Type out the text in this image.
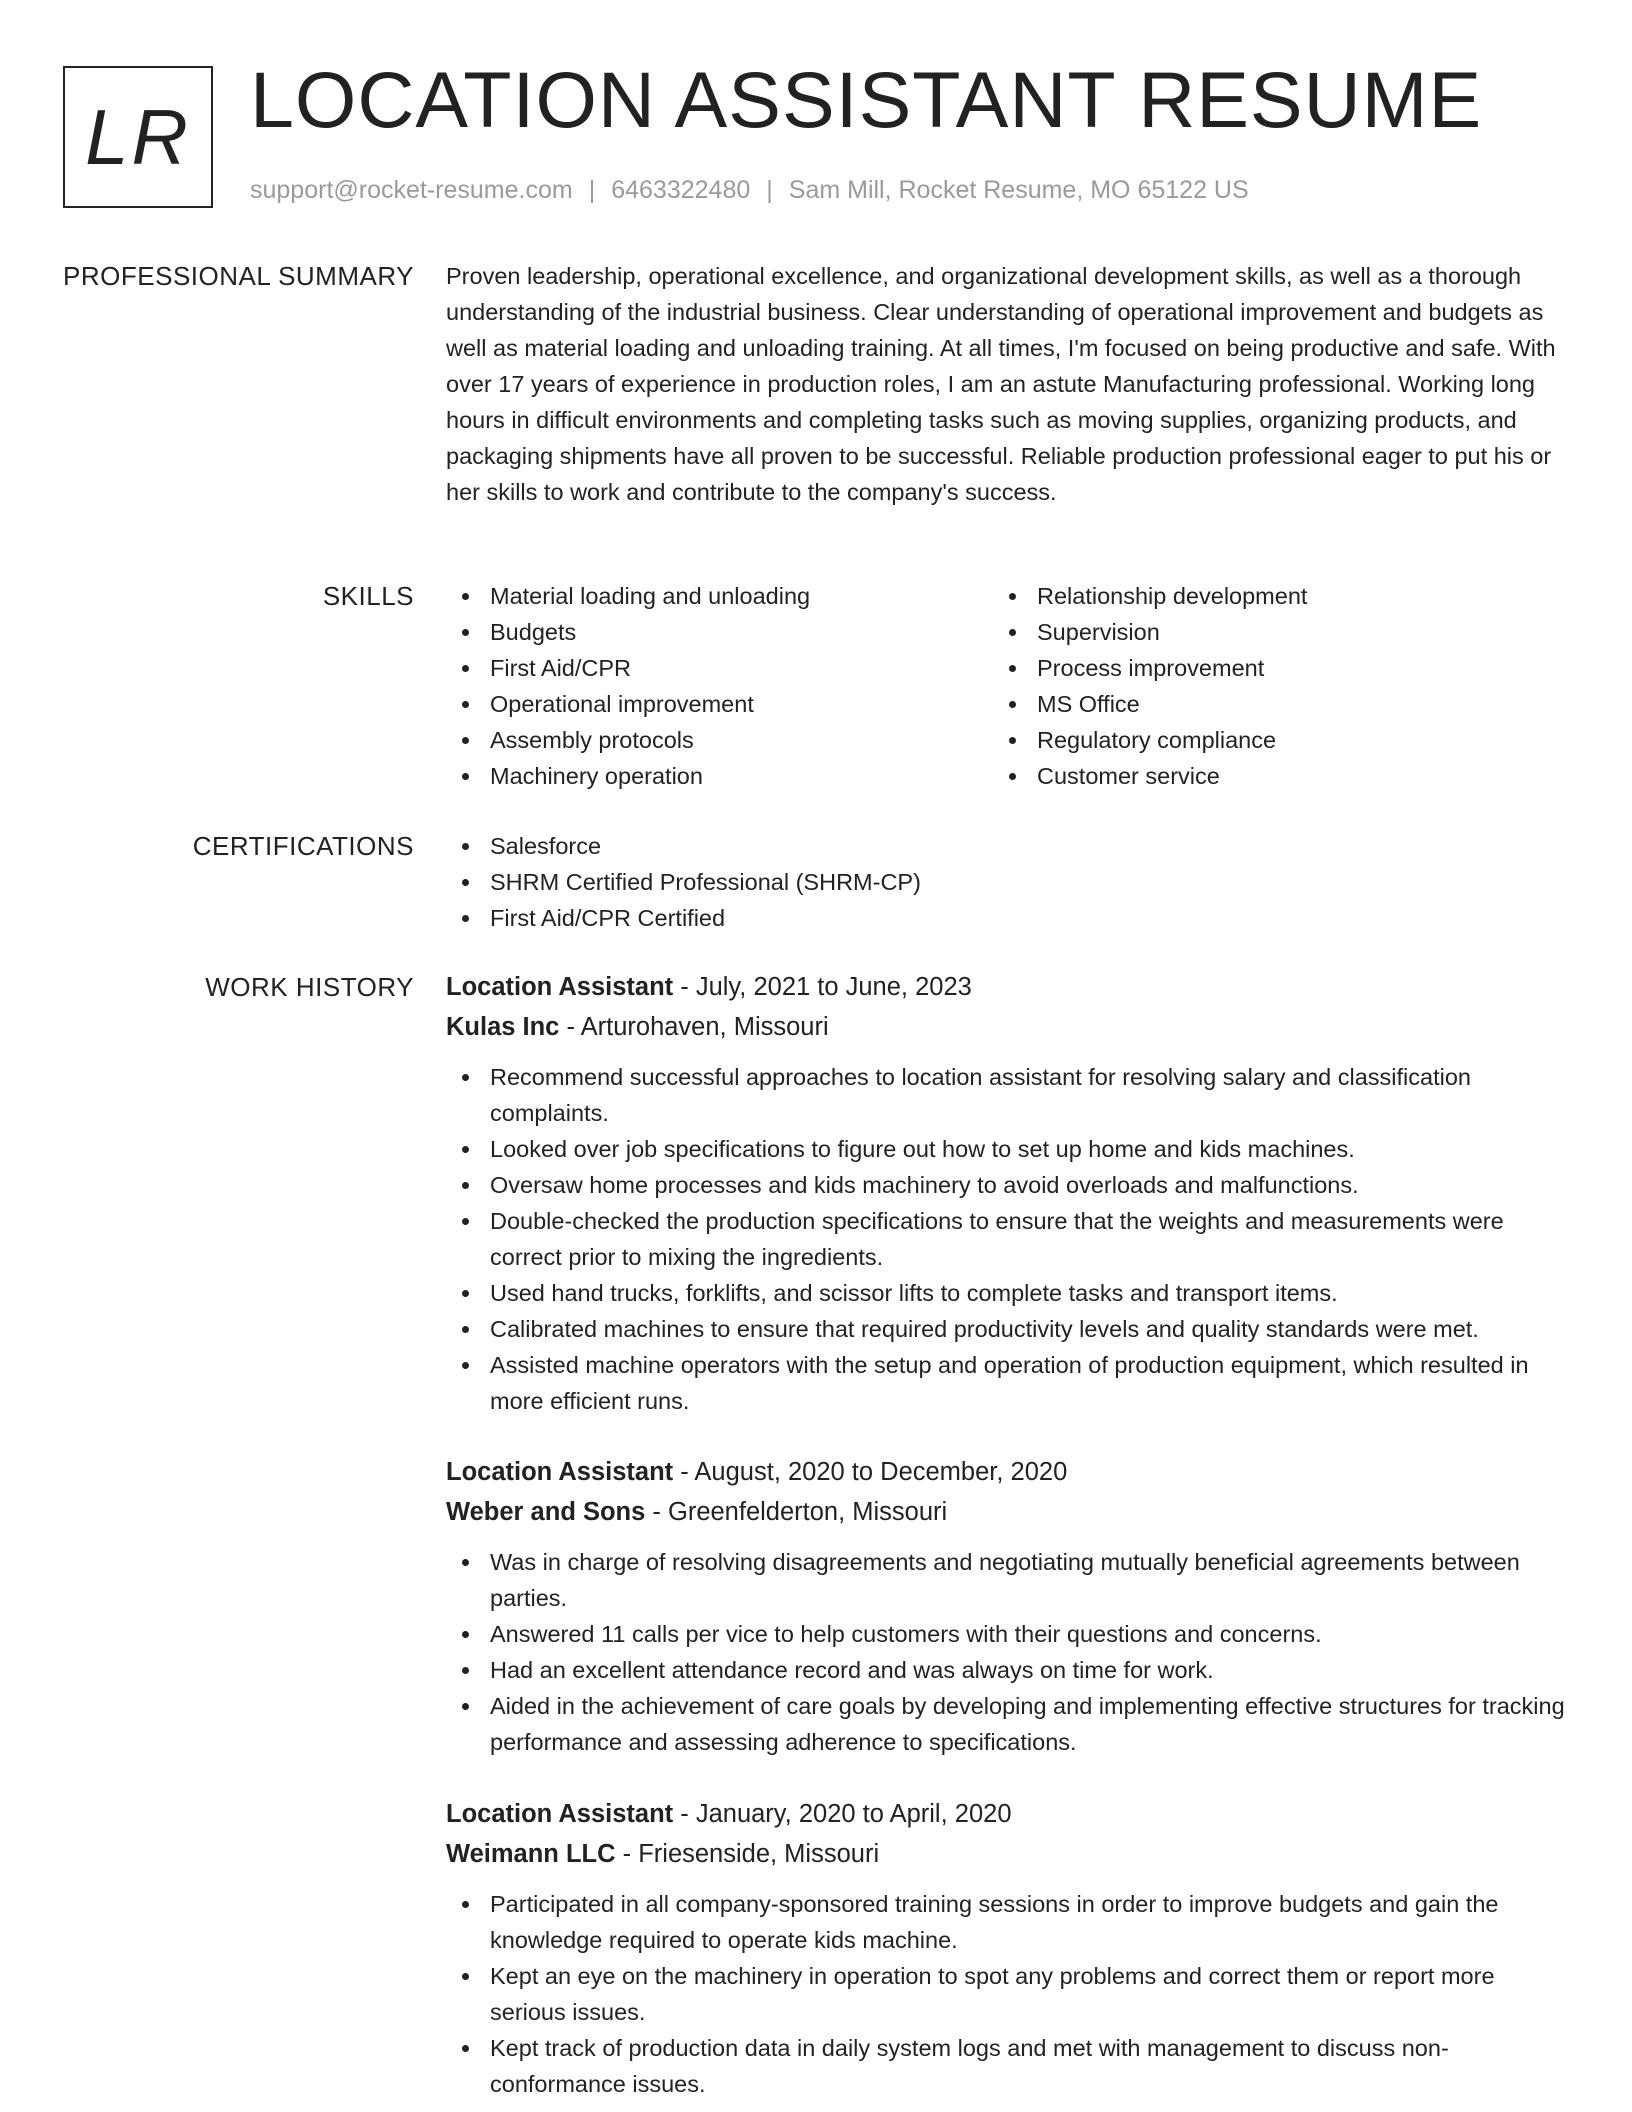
LR LOCATION ASSISTANT RESUME
support@rocket-resume.com | 6463322480 | Sam Mill, Rocket Resume, MO 65122 US
PROFESSIONAL SUMMARY Proven leadership, operational excellence, and organizational development skills, as well as a thorough understanding of the industrial business. Clear understanding of operational improvement and budgets as well as material loading and unloading training. At all times, I'm focused on being productive and safe. With over 17 years of experience in production roles, I am an astute Manufacturing professional. Working long hours in difficult environments and completing tasks such as moving supplies, organizing products, and packaging shipments have all proven to be successful. Reliable production professional eager to put his or her skills to work and contribute to the company's success.

SKILLS	Material loading and unloading
Budgets
First Aid/CPR
Operational improvement
Assembly protocols
Machinery operation
Relationship development
Supervision
Process improvement
MS Office
Regulatory compliance
Customer service
CERTIFICATIONS	Salesforce
SHRM Certified Professional (SHRM-CP)
First Aid/CPR Certified
WORK HISTORY Location Assistant - July, 2021 to June, 2023
Kulas Inc - Arturohaven, Missouri
Recommend successful approaches to location assistant for resolving salary and classification complaints.
Looked over job specifications to figure out how to set up home and kids machines.
Oversaw home processes and kids machinery to avoid overloads and malfunctions.
Double-checked the production specifications to ensure that the weights and measurements were correct prior to mixing the ingredients.
Used hand trucks, forklifts, and scissor lifts to complete tasks and transport items.
Calibrated machines to ensure that required productivity levels and quality standards were met.
Assisted machine operators with the setup and operation of production equipment, which resulted in more efficient runs.
Location Assistant - August, 2020 to December, 2020
Weber and Sons - Greenfelderton, Missouri
Was in charge of resolving disagreements and negotiating mutually beneficial agreements between parties.
Answered 11 calls per vice to help customers with their questions and concerns.
Had an excellent attendance record and was always on time for work.
Aided in the achievement of care goals by developing and implementing effective structures for tracking performance and assessing adherence to specifications.
Location Assistant - January, 2020 to April, 2020
Weimann LLC - Friesenside, Missouri
Participated in all company-sponsored training sessions in order to improve budgets and gain the knowledge required to operate kids machine.
Kept an eye on the machinery in operation to spot any problems and correct them or report more serious issues.
Kept track of production data in daily system logs and met with management to discuss non-conformance issues.
